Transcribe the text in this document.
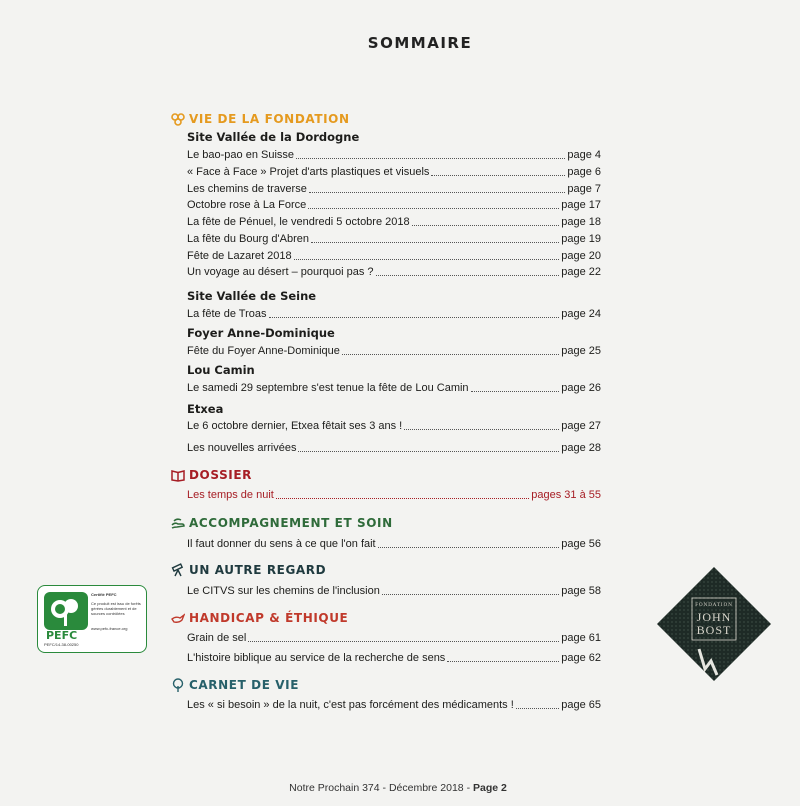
SOMMAIRE
VIE DE LA FONDATION
Site Vallée de la Dordogne
Le bao-pao en Suisse	page 4
« Face à Face » Projet d'arts plastiques et visuels	page 6
Les chemins de traverse	page 7
Octobre rose à La Force	page 17
La fête de Pénuel, le vendredi 5 octobre 2018	page 18
La fête du Bourg d'Abren	page 19
Fête de Lazaret 2018	page 20
Un voyage au désert – pourquoi pas ?	page 22
Site Vallée de Seine
La fête de Troas	page 24
Foyer Anne-Dominique
Fête du Foyer Anne-Dominique	page 25
Lou Camin
Le samedi 29 septembre s'est tenue la fête de Lou Camin	page 26
Etxea
Le 6 octobre dernier, Etxea fêtait ses 3 ans !	page 27
Les nouvelles arrivées	page 28
DOSSIER
Les temps de nuit	pages 31 à 55
ACCOMPAGNEMENT ET SOIN
Il faut donner du sens à ce que l'on fait	page 56
UN AUTRE REGARD
Le CITVS sur les chemins de l'inclusion	page 58
HANDICAP & ÉTHIQUE
Grain de sel	page 61
L'histoire biblique au service de la recherche de sens	page 62
CARNET DE VIE
Les « si besoin » de la nuit, c'est pas forcément des médicaments !	page 65
PEFC
PEFC/14-38-00250
Certifié PEFC
Ce produit est issu de forêts gérées durablement et de sources contrôlées
www.pefc-france.org
FONDATION
JOHN
BOST
Notre Prochain 374 - Décembre 2018 - Page 2
